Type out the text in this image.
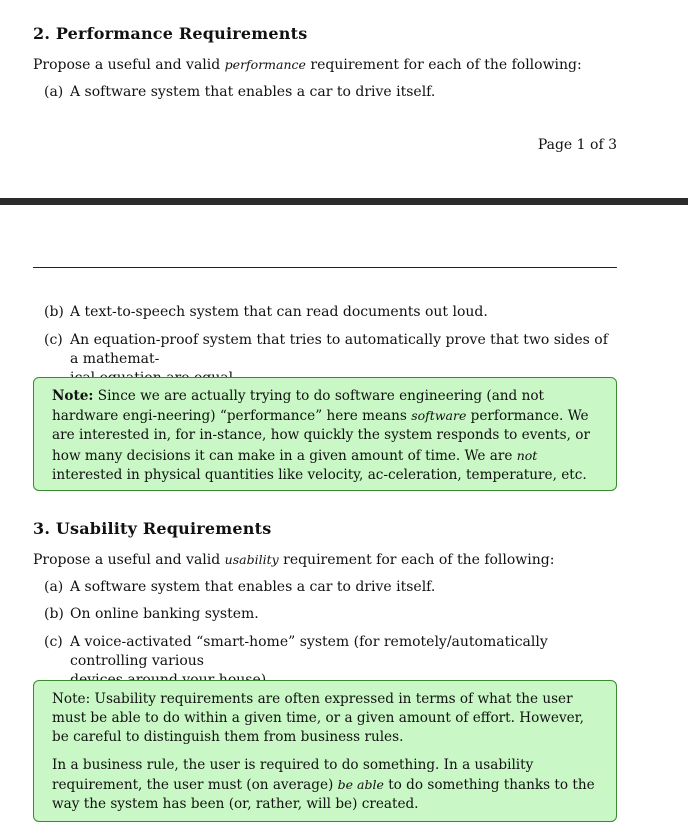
2. Performance Requirements
Propose a useful and valid performance requirement for each of the following:
(a) A software system that enables a car to drive itself.
Page 1 of 3
(b) A text-to-speech system that can read documents out loud.
(c) An equation-proof system that tries to automatically prove that two sides of a mathemat-

Note: Since we are actually trying to do software engineering (and not hardware engi-neering) “performance” here means software performance. We are interested in, for in-stance, how quickly the system responds to events, or how many decisions it can make in a given amount of time. We are not interested in physical quantities like velocity, ac-celeration, temperature, etc.
3. Usability Requirements
Propose a useful and valid usability requirement for each of the following:
(a) A software system that enables a car to drive itself.
(b) On online banking system.
(c) A voice-activated “smart-home” system (for remotely/automatically controlling various

Note: Usability requirements are often expressed in terms of what the user must be able to do within a given time, or a given amount of effort. However, be careful to distinguish them from business rules.
In a business rule, the user is required to do something. In a usability requirement, the user must (on average) be able to do something thanks to the way the system has been (or, rather, will be) created.
